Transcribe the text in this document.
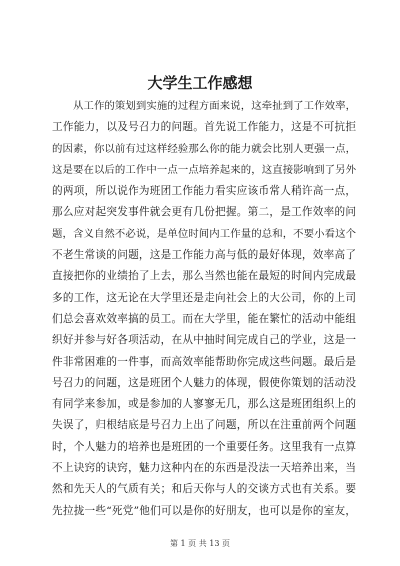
大学生工作感想
　　从工作的策划到实施的过程方面来说，这牵扯到了工作效率，
工作能力，以及号召力的问题。首先说工作能力，这是不可抗拒
的因素，你以前有过这样经验那么你的能力就会比别人更强一点，
这是要在以后的工作中一点一点培养起来的，这直接影响到了另外
的两项，所以说作为班团工作能力看实应该币常人稍许高一点，
那么应对起突发事件就会更有几份把握。第二，是工作效率的问
题，含义自然不必说，是单位时间内工作量的总和，不要小看这个
不老生常谈的问题，这是工作能力高与低的最好体现，效率高了
直接把你的业绩抬了上去，那么当然也能在最短的时间内完成最
多的工作，这无论在大学里还是走向社会上的大公司，你的上司
们总会喜欢效率搞的员工。而在大学里，能在繁忙的活动中能组
织好并参与好各项活动，在从中抽时间完成自己的学业，这是一
件非常困难的一件事，而高效率能帮助你完成这些问题。最后是
号召力的问题，这是班团个人魅力的体现，假使你策划的活动没
有同学来参加，或是参加的人寥寥无几，那么这是班团组织上的
失误了，归根结底是号召力上出了问题，所以在注重前两个问题
时，个人魅力的培养也是班团的一个重要任务。这里我有一点算
不上诀窍的诀窍，魅力这种内在的东西是没法一天培养出来，当
然和先天人的气质有关；和后天你与人的交谈方式也有关系。要
先拉拢一些“死党”他们可以是你的好朋友，也可以是你的室友，
第 1 页 共 13 页
